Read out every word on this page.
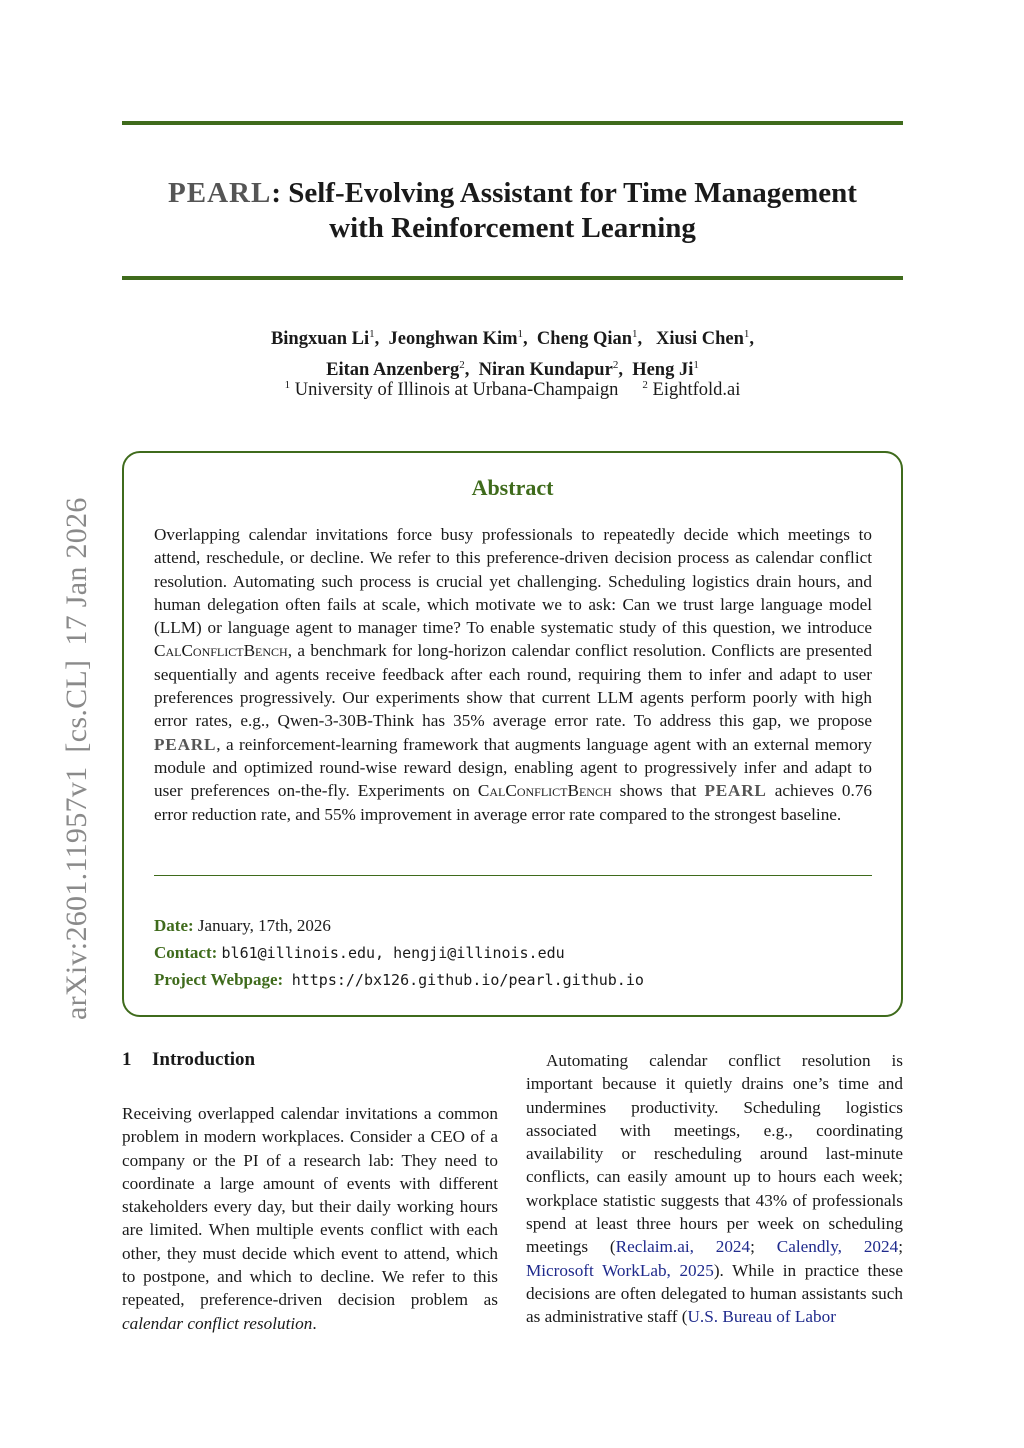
arXiv:2601.11957v1[cs.CL]17 Jan 2026
PEARL: Self-Evolving Assistant for Time Management
with Reinforcement Learning
Bingxuan Li$^1$,  Jeonghwan Kim$^1$,  Cheng Qian$^1$,   Xiusi Chen$^1$,
Eitan Anzenberg$^2$,  Niran Kundapur$^2$,  Heng Ji$^1$
$^1$ University of Illinois at Urbana-Champaign $^2$ Eightfold.ai
Abstract
Overlapping calendar invitations force busy professionals to repeatedly decide which meetings to attend, reschedule, or decline. We refer to this preference-driven decision process as calendar conflict resolution. Automating such process is crucial yet challenging. Scheduling logistics drain hours, and human delegation often fails at scale, which motivate we to ask: Can we trust large language model (LLM) or language agent to manager time? To enable systematic study of this question, we introduce CalConflictBench, a benchmark for long-horizon calendar conflict resolution. Conflicts are presented sequentially and agents receive feedback after each round, requiring them to infer and adapt to user preferences progressively. Our experiments show that current LLM agents perform poorly with high error rates, e.g., Qwen-3-30B-Think has 35% average error rate. To address this gap, we propose PEARL, a reinforcement-learning framework that augments language agent with an external memory module and optimized round-wise reward design, enabling agent to progressively infer and adapt to user preferences on-the-fly. Experiments on CalConflictBench shows that PEARL achieves 0.76 error reduction rate, and 55% improvement in average error rate compared to the strongest baseline.
Date: January, 17th, 2026
Contact: bl61@illinois.edu, hengji@illinois.edu
Project Webpage: https://bx126.github.io/pearl.github.io
1 Introduction
Receiving overlapped calendar invitations a common problem in modern workplaces. Consider a CEO of a company or the PI of a research lab: They need to coordinate a large amount of events with different stakeholders every day, but their daily working hours are limited. When multiple events conflict with each other, they must decide which event to attend, which to postpone, and which to decline. We refer to this repeated, preference-driven decision problem as calendar conflict resolution.
Automating calendar conflict resolution is important because it quietly drains one’s time and undermines productivity. Scheduling logistics associated with meetings, e.g., coordinating availability or rescheduling around last-minute conflicts, can easily amount up to hours each week; workplace statistic suggests that 43% of professionals spend at least three hours per week on scheduling meetings (Reclaim.ai, 2024; Calendly, 2024; Microsoft WorkLab, 2025). While in practice these decisions are often delegated to human assistants such as administrative staff (U.S. Bureau of Labor
